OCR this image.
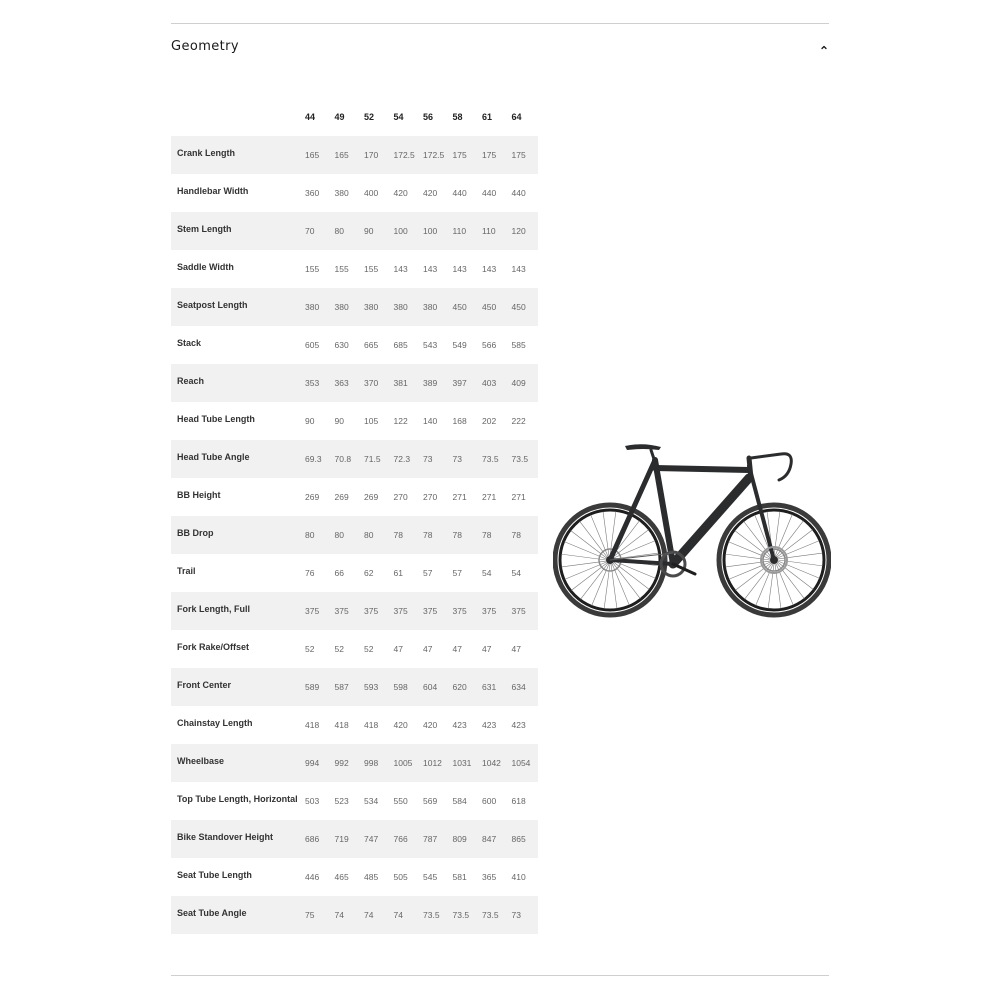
Geometry
	44	49	52	54	56	58	61	64
Crank Length	165	165	170	172.5	172.5	175	175	175
Handlebar Width	360	380	400	420	420	440	440	440
Stem Length	70	80	90	100	100	110	110	120
Saddle Width	155	155	155	143	143	143	143	143
Seatpost Length	380	380	380	380	380	450	450	450
Stack	605	630	665	685	543	549	566	585
Reach	353	363	370	381	389	397	403	409
Head Tube Length	90	90	105	122	140	168	202	222
Head Tube Angle	69.3	70.8	71.5	72.3	73	73	73.5	73.5
BB Height	269	269	269	270	270	271	271	271
BB Drop	80	80	80	78	78	78	78	78
Trail	76	66	62	61	57	57	54	54
Fork Length, Full	375	375	375	375	375	375	375	375
Fork Rake/Offset	52	52	52	47	47	47	47	47
Front Center	589	587	593	598	604	620	631	634
Chainstay Length	418	418	418	420	420	423	423	423
Wheelbase	994	992	998	1005	1012	1031	1042	1054
Top Tube Length, Horizontal	503	523	534	550	569	584	600	618
Bike Standover Height	686	719	747	766	787	809	847	865
Seat Tube Length	446	465	485	505	545	581	365	410
Seat Tube Angle	75	74	74	74	73.5	73.5	73.5	73
